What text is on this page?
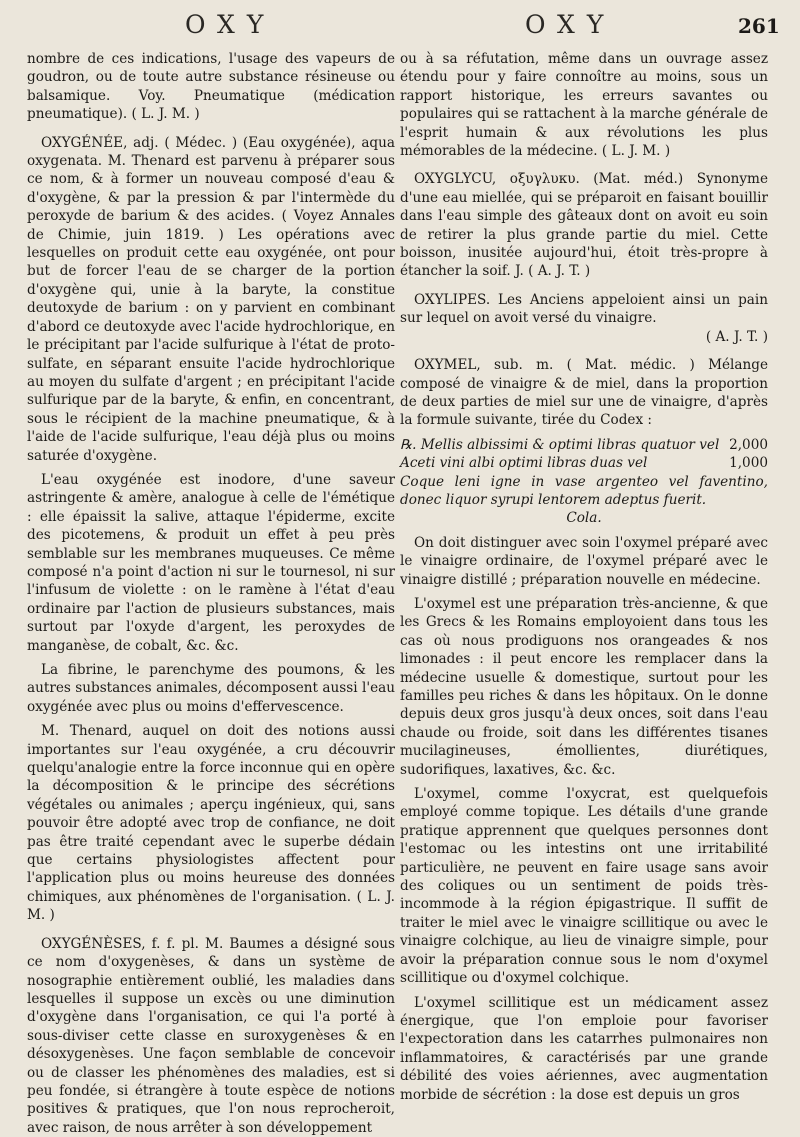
OXY	OXY	261

nombre de ces indications, l'usage des vapeurs de goudron, ou de toute autre substance résineuse ou balsamique. Voy. Pneumatique (médication pneumatique). ( L. J. M. )

OXYGÉNÉE, adj. ( Médec. ) (Eau oxygénée), aqua oxygenata. M. Thenard est parvenu à préparer sous ce nom, & à former un nouveau composé d'eau & d'oxygène, & par la pression & par l'intermède du peroxyde de barium & des acides. ( Voyez Annales de Chimie, juin 1819. ) Les opérations avec lesquelles on produit cette eau oxygénée, ont pour but de forcer l'eau de se charger de la portion d'oxygène qui, unie à la baryte, la constitue deutoxyde de barium : on y parvient en combinant d'abord ce deutoxyde avec l'acide hydrochlorique, en le précipitant par l'acide sulfurique à l'état de proto-sulfate, en séparant ensuite l'acide hydrochlorique au moyen du sulfate d'argent ; en précipitant l'acide sulfurique par de la baryte, & enfin, en concentrant, sous le récipient de la machine pneumatique, & à l'aide de l'acide sulfurique, l'eau déjà plus ou moins saturée d'oxygène.

L'eau oxygénée est inodore, d'une saveur astringente & amère, analogue à celle de l'émétique : elle épaissit la salive, attaque l'épiderme, excite des picotemens, & produit un effet à peu près semblable sur les membranes muqueuses. Ce même composé n'a point d'action ni sur le tournesol, ni sur l'infusum de violette : on le ramène à l'état d'eau ordinaire par l'action de plusieurs substances, mais surtout par l'oxyde d'argent, les peroxydes de manganèse, de cobalt, &c. &c.

La fibrine, le parenchyme des poumons, & les autres substances animales, décomposent aussi l'eau oxygénée avec plus ou moins d'effervescence.

M. Thenard, auquel on doit des notions aussi importantes sur l'eau oxygénée, a cru découvrir quelqu'analogie entre la force inconnue qui en opère la décomposition & le principe des sécrétions végétales ou animales ; aperçu ingénieux, qui, sans pouvoir être adopté avec trop de confiance, ne doit pas être traité cependant avec le superbe dédain que certains physiologistes affectent pour l'application plus ou moins heureuse des données chimiques, aux phénomènes de l'organisation. ( L. J. M. )

OXYGÉNÈSES, f. f. pl. M. Baumes a désigné sous ce nom d'oxygenèses, & dans un système de nosographie entièrement oublié, les maladies dans lesquelles il suppose un excès ou une diminution d'oxygène dans l'organisation, ce qui l'a porté à sous-diviser cette classe en suroxygenèses & en désoxygenèses. Une façon semblable de concevoir ou de classer les phénomènes des maladies, est si peu fondée, si étrangère à toute espèce de notions positives & pratiques, que l'on nous reprocheroit, avec raison, de nous arrêter à son développement

ou à sa réfutation, même dans un ouvrage assez étendu pour y faire connoître au moins, sous un rapport historique, les erreurs savantes ou populaires qui se rattachent à la marche générale de l'esprit humain & aux révolutions les plus mémorables de la médecine. ( L. J. M. )

OXYGLYCU, οξυγλυκυ. (Mat. méd.) Synonyme d'une eau miellée, qui se préparoit en faisant bouillir dans l'eau simple des gâteaux dont on avoit eu soin de retirer la plus grande partie du miel. Cette boisson, inusitée aujourd'hui, étoit très-propre à étancher la soif. J. ( A. J. T. )

OXYLIPES. Les Anciens appeloient ainsi un pain sur lequel on avoit versé du vinaigre.

( A. J. T. )

OXYMEL, sub. m. ( Mat. médic. ) Mélange composé de vinaigre & de miel, dans la proportion de deux parties de miel sur une de vinaigre, d'après la formule suivante, tirée du Codex :

℞. Mellis albissimi & optimi libras quatuor vel 2,000
Aceti vini albi optimi libras duas vel	1,000
Coque leni igne in vase argenteo vel faventino, donec liquor syrupi lentorem adeptus fuerit.
Cola.

On doit distinguer avec soin l'oxymel préparé avec le vinaigre ordinaire, de l'oxymel préparé avec le vinaigre distillé ; préparation nouvelle en médecine.

L'oxymel est une préparation très-ancienne, & que les Grecs & les Romains employoient dans tous les cas où nous prodiguons nos orangeades & nos limonades : il peut encore les remplacer dans la médecine usuelle & domestique, surtout pour les familles peu riches & dans les hôpitaux. On le donne depuis deux gros jusqu'à deux onces, soit dans l'eau chaude ou froide, soit dans les différentes tisanes mucilagineuses, émollientes, diurétiques, sudorifiques, laxatives, &c. &c.

L'oxymel, comme l'oxycrat, est quelquefois employé comme topique. Les détails d'une grande pratique apprennent que quelques personnes dont l'estomac ou les intestins ont une irritabilité particulière, ne peuvent en faire usage sans avoir des coliques ou un sentiment de poids très-incommode à la région épigastrique. Il suffit de traiter le miel avec le vinaigre scillitique ou avec le vinaigre colchique, au lieu de vinaigre simple, pour avoir la préparation connue sous le nom d'oxymel scillitique ou d'oxymel colchique.

L'oxymel scillitique est un médicament assez énergique, que l'on emploie pour favoriser l'expectoration dans les catarrhes pulmonaires non inflammatoires, & caractérisés par une grande débilité des voies aériennes, avec augmentation morbide de sécrétion : la dose est depuis un gros
